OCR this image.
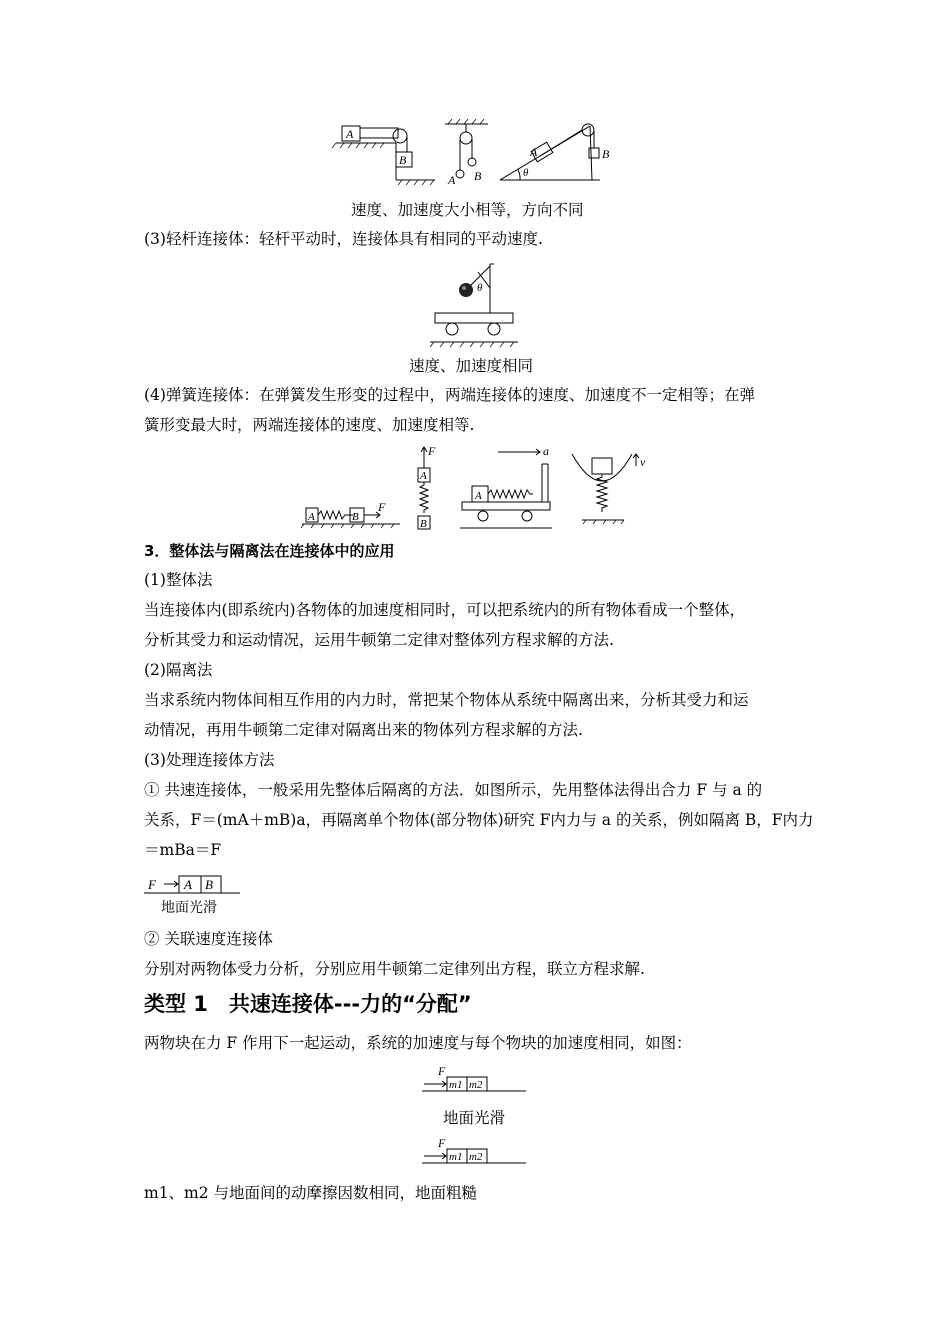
A
B
A B
A	B
θ
速度、加速度大小相等，方向不同
(3)轻杆连接体：轻杆平动时，连接体具有相同的平动速度.
θ
速度、加速度相同
(4)弹簧连接体：在弹簧发生形变的过程中，两端连接体的速度、加速度不一定相等；在弹
簧形变最大时，两端连接体的速度、加速度相等.
A	B
F
A
B
F
A
a
v
3．整体法与隔离法在连接体中的应用
(1)整体法
当连接体内(即系统内)各物体的加速度相同时，可以把系统内的所有物体看成一个整体，
分析其受力和运动情况，运用牛顿第二定律对整体列方程求解的方法.
(2)隔离法
当求系统内物体间相互作用的内力时，常把某个物体从系统中隔离出来，分析其受力和运
动情况，再用牛顿第二定律对隔离出来的物体列方程求解的方法.
(3)处理连接体方法
① 共速连接体，一般采用先整体后隔离的方法．如图所示，先用整体法得出合力 F 与 a 的
关系，F＝(mA＋mB)a，再隔离单个物体(部分物体)研究 F内力与 a 的关系，例如隔离 B，F内力
＝mBa＝F
F A B
地面光滑
② 关联速度连接体
分别对两物体受力分析，分别应用牛顿第二定律列出方程，联立方程求解.
类型 1　共速连接体---力的“分配”
两物块在力 F 作用下一起运动，系统的加速度与每个物块的加速度相同，如图：
F
m1 m2
地面光滑
F
m1 m2
m1、m2 与地面间的动摩擦因数相同，地面粗糙
